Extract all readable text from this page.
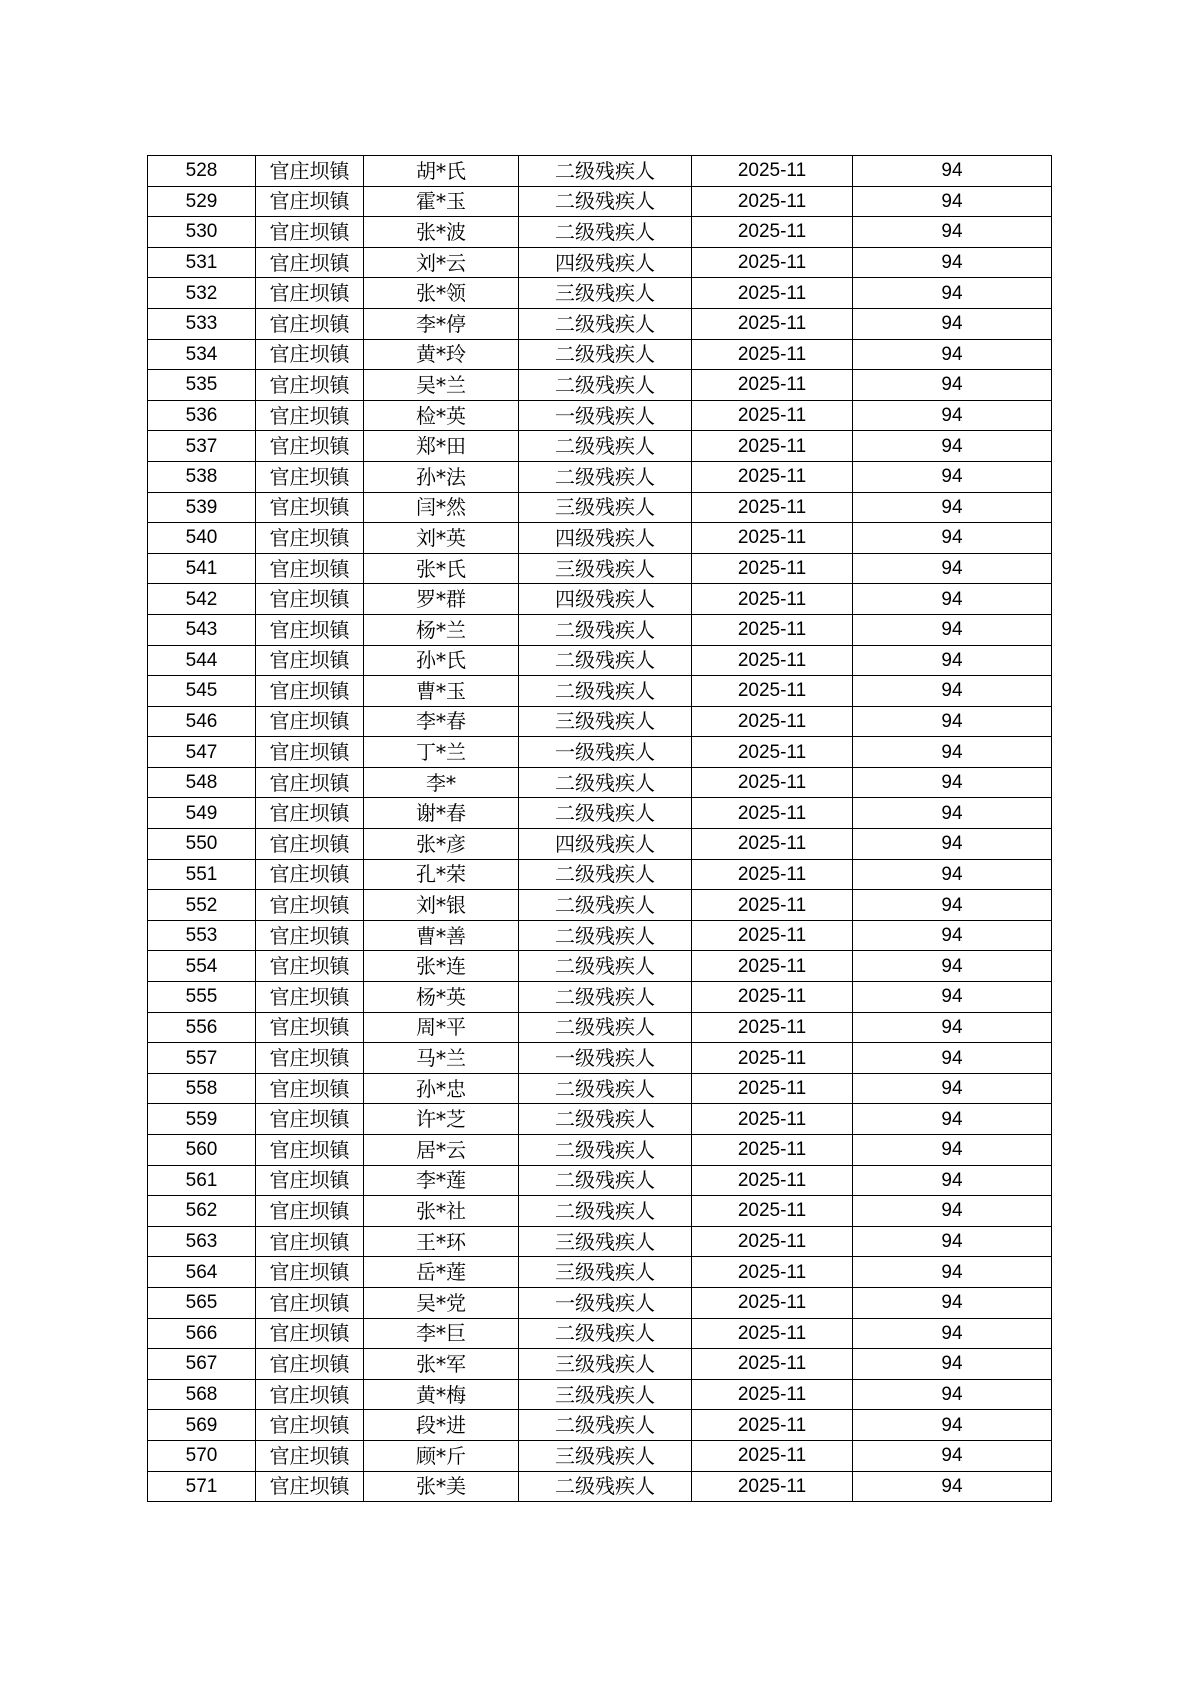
528	官庄坝镇	胡*氏	二级残疾人	2025-11	94
529	官庄坝镇	霍*玉	二级残疾人	2025-11	94
530	官庄坝镇	张*波	二级残疾人	2025-11	94
531	官庄坝镇	刘*云	四级残疾人	2025-11	94
532	官庄坝镇	张*领	三级残疾人	2025-11	94
533	官庄坝镇	李*停	二级残疾人	2025-11	94
534	官庄坝镇	黄*玲	二级残疾人	2025-11	94
535	官庄坝镇	吴*兰	二级残疾人	2025-11	94
536	官庄坝镇	检*英	一级残疾人	2025-11	94
537	官庄坝镇	郑*田	二级残疾人	2025-11	94
538	官庄坝镇	孙*法	二级残疾人	2025-11	94
539	官庄坝镇	闫*然	三级残疾人	2025-11	94
540	官庄坝镇	刘*英	四级残疾人	2025-11	94
541	官庄坝镇	张*氏	三级残疾人	2025-11	94
542	官庄坝镇	罗*群	四级残疾人	2025-11	94
543	官庄坝镇	杨*兰	二级残疾人	2025-11	94
544	官庄坝镇	孙*氏	二级残疾人	2025-11	94
545	官庄坝镇	曹*玉	二级残疾人	2025-11	94
546	官庄坝镇	李*春	三级残疾人	2025-11	94
547	官庄坝镇	丁*兰	一级残疾人	2025-11	94
548	官庄坝镇	李*	二级残疾人	2025-11	94
549	官庄坝镇	谢*春	二级残疾人	2025-11	94
550	官庄坝镇	张*彦	四级残疾人	2025-11	94
551	官庄坝镇	孔*荣	二级残疾人	2025-11	94
552	官庄坝镇	刘*银	二级残疾人	2025-11	94
553	官庄坝镇	曹*善	二级残疾人	2025-11	94
554	官庄坝镇	张*连	二级残疾人	2025-11	94
555	官庄坝镇	杨*英	二级残疾人	2025-11	94
556	官庄坝镇	周*平	二级残疾人	2025-11	94
557	官庄坝镇	马*兰	一级残疾人	2025-11	94
558	官庄坝镇	孙*忠	二级残疾人	2025-11	94
559	官庄坝镇	许*芝	二级残疾人	2025-11	94
560	官庄坝镇	居*云	二级残疾人	2025-11	94
561	官庄坝镇	李*莲	二级残疾人	2025-11	94
562	官庄坝镇	张*社	二级残疾人	2025-11	94
563	官庄坝镇	王*环	三级残疾人	2025-11	94
564	官庄坝镇	岳*莲	三级残疾人	2025-11	94
565	官庄坝镇	吴*党	一级残疾人	2025-11	94
566	官庄坝镇	李*巨	二级残疾人	2025-11	94
567	官庄坝镇	张*军	三级残疾人	2025-11	94
568	官庄坝镇	黄*梅	三级残疾人	2025-11	94
569	官庄坝镇	段*进	二级残疾人	2025-11	94
570	官庄坝镇	顾*斤	三级残疾人	2025-11	94
571	官庄坝镇	张*美	二级残疾人	2025-11	94
